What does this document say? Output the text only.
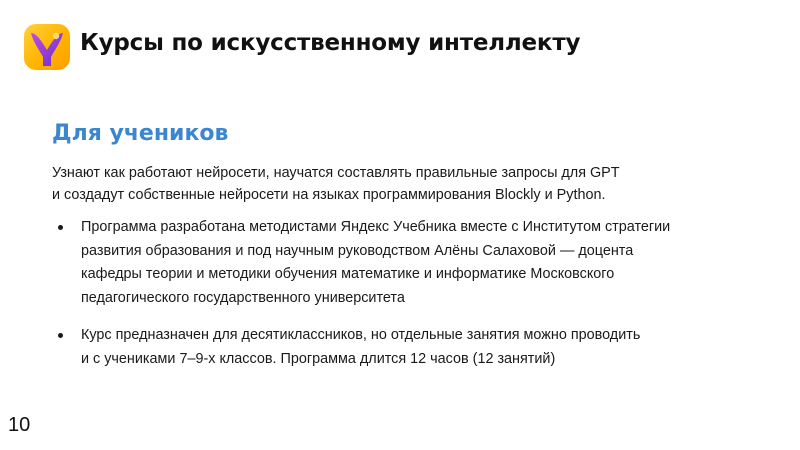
Курсы по искусственному интеллекту
Для учеников
Узнают как работают нейросети, научатся составлять правильные запросы для GPT
и создадут собственные нейросети на языках программирования Blockly и Python.
Программа разработана методистами Яндекс Учебника вместе с Институтом стратегии
развития образования и под научным руководством Алёны Салаховой — доцента
кафедры теории и методики обучения математике и информатике Московского
педагогического государственного университета
Курс предназначен для десятиклассников, но отдельные занятия можно проводить
и с учениками 7–9-х классов. Программа длится 12 часов (12 занятий)
10
